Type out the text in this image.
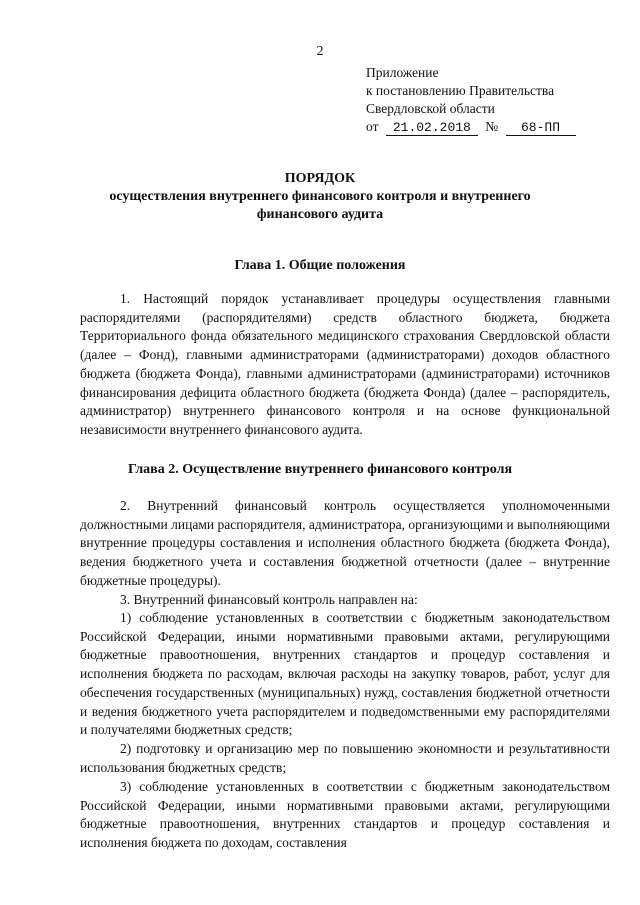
2
Приложение
к постановлению Правительства
Свердловской области
от 21.02.2018 № 68-ПП
ПОРЯДОК
осуществления внутреннего финансового контроля и внутреннего
финансового аудита
Глава 1. Общие положения
1. Настоящий порядок устанавливает процедуры осуществления главными распорядителями (распорядителями) средств областного бюджета, бюджета Территориального фонда обязательного медицинского страхования Свердловской области (далее – Фонд), главными администраторами (администраторами) доходов областного бюджета (бюджета Фонда), главными администраторами (администраторами) источников финансирования дефицита областного бюджета (бюджета Фонда) (далее – распорядитель, администратор) внутреннего финансового контроля и на основе функциональной независимости внутреннего финансового аудита.
Глава 2. Осуществление внутреннего финансового контроля
2. Внутренний финансовый контроль осуществляется уполномоченными должностными лицами распорядителя, администратора, организующими и выполняющими внутренние процедуры составления и исполнения областного бюджета (бюджета Фонда), ведения бюджетного учета и составления бюджетной отчетности (далее – внутренние бюджетные процедуры).
3. Внутренний финансовый контроль направлен на:
1) соблюдение установленных в соответствии с бюджетным законодательством Российской Федерации, иными нормативными правовыми актами, регулирующими бюджетные правоотношения, внутренних стандартов и процедур составления и исполнения бюджета по расходам, включая расходы на закупку товаров, работ, услуг для обеспечения государственных (муниципальных) нужд, составления бюджетной отчетности и ведения бюджетного учета распорядителем и подведомственными ему распорядителями и получателями бюджетных средств;
2) подготовку и организацию мер по повышению экономности и результативности использования бюджетных средств;
3) соблюдение установленных в соответствии с бюджетным законодательством Российской Федерации, иными нормативными правовыми актами, регулирующими бюджетные правоотношения, внутренних стандартов и процедур составления и исполнения бюджета по доходам, составления
